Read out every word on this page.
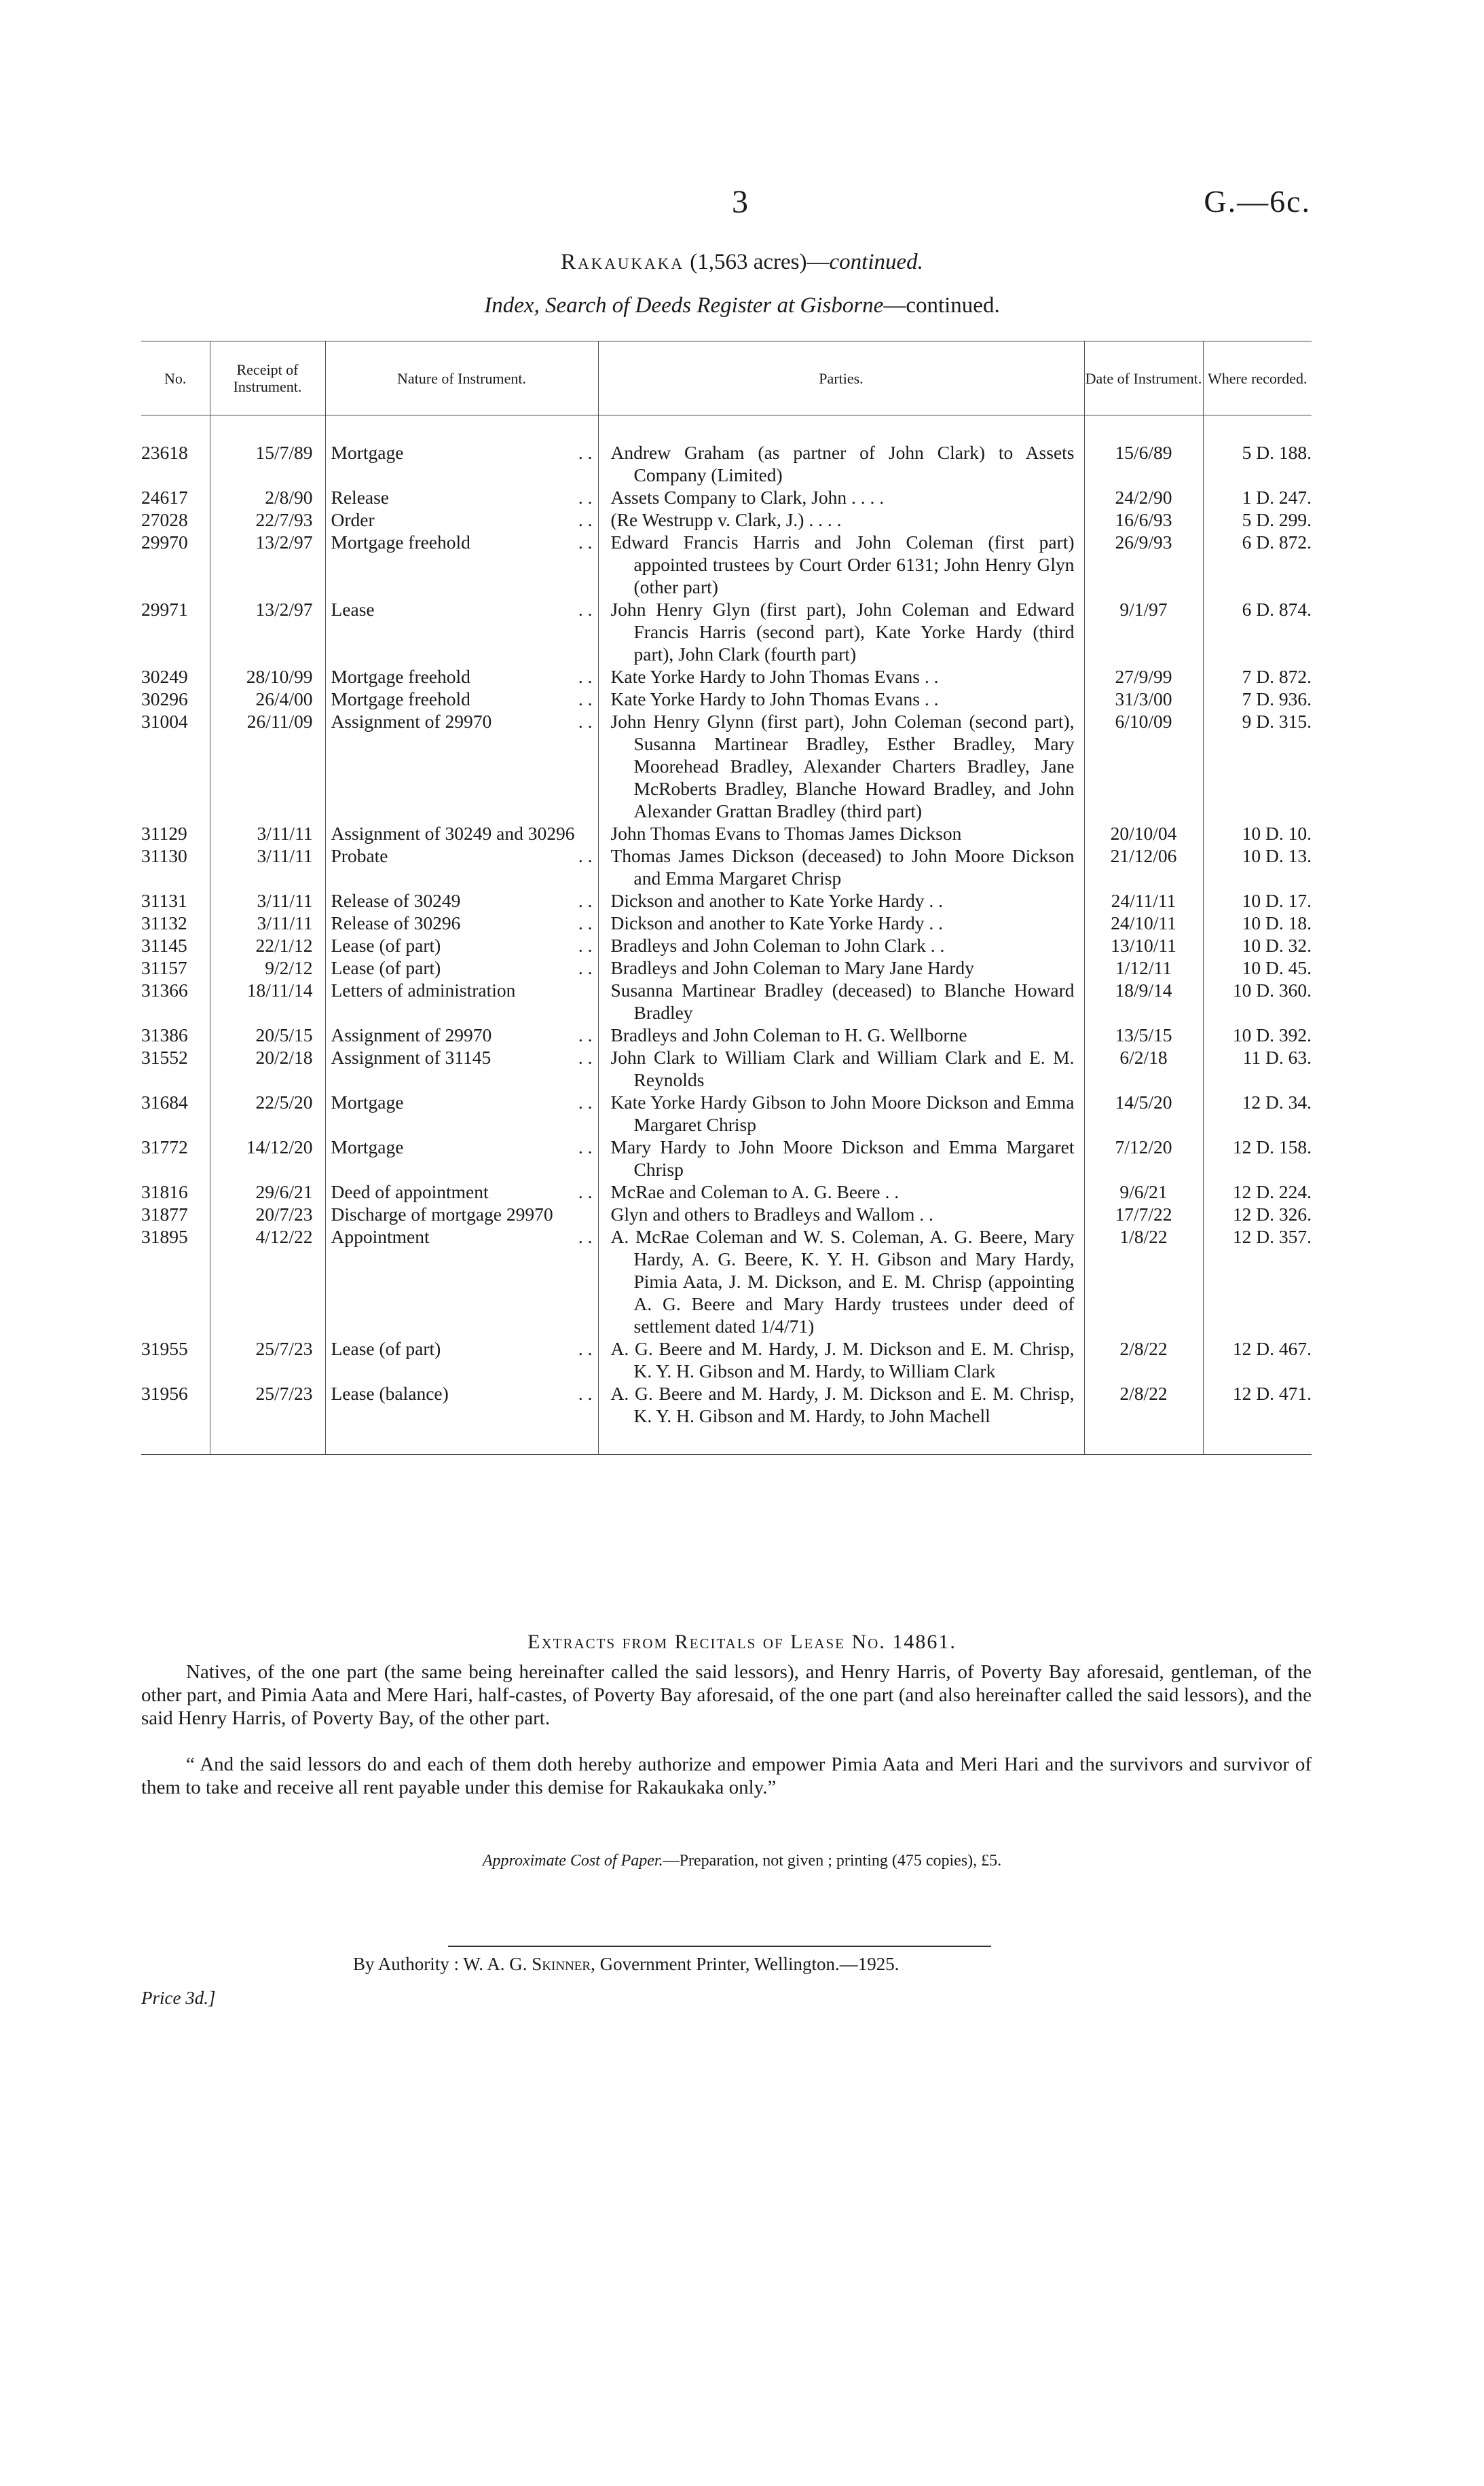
3	G.—6c.
Rakaukaka (1,563 acres)—continued.
Index, Search of Deeds Register at Gisborne—continued.
No.	Receipt of Instrument.	Nature of Instrument.	Parties.	Date of Instrument.	Where recorded.
23618	15/7/89	Mortgage . .	Andrew Graham (as partner of John Clark) to Assets Company (Limited)	15/6/89	5 D. 188.
24617	2/8/90	Release . .	Assets Company to Clark, John . . . .	24/2/90	1 D. 247.
27028	22/7/93	Order . .	(Re Westrupp v. Clark, J.) . . . .	16/6/93	5 D. 299.
29970	13/2/97	Mortgage freehold . .	Edward Francis Harris and John Coleman (first part) appointed trustees by Court Order 6131; John Henry Glyn (other part)	26/9/93	6 D. 872.
29971	13/2/97	Lease . .	John Henry Glyn (first part), John Coleman and Edward Francis Harris (second part), Kate Yorke Hardy (third part), John Clark (fourth part)	9/1/97	6 D. 874.
30249	28/10/99	Mortgage freehold . .	Kate Yorke Hardy to John Thomas Evans . .	27/9/99	7 D. 872.
30296	26/4/00	Mortgage freehold . .	Kate Yorke Hardy to John Thomas Evans . .	31/3/00	7 D. 936.
31004	26/11/09	Assignment of 29970 . .	John Henry Glynn (first part), John Coleman (second part), Susanna Martinear Bradley, Esther Bradley, Mary Moorehead Bradley, Alexander Charters Bradley, Jane McRoberts Bradley, Blanche Howard Bradley, and John Alexander Grattan Bradley (third part)	6/10/09	9 D. 315.
31129	3/11/11	Assignment of 30249 and 30296	John Thomas Evans to Thomas James Dickson	20/10/04	10 D. 10.
31130	3/11/11	Probate . .	Thomas James Dickson (deceased) to John Moore Dickson and Emma Margaret Chrisp	21/12/06	10 D. 13.
31131	3/11/11	Release of 30249 . .	Dickson and another to Kate Yorke Hardy . .	24/11/11	10 D. 17.
31132	3/11/11	Release of 30296 . .	Dickson and another to Kate Yorke Hardy . .	24/10/11	10 D. 18.
31145	22/1/12	Lease (of part) . .	Bradleys and John Coleman to John Clark . .	13/10/11	10 D. 32.
31157	9/2/12	Lease (of part) . .	Bradleys and John Coleman to Mary Jane Hardy	1/12/11	10 D. 45.
31366	18/11/14	Letters of administration	Susanna Martinear Bradley (deceased) to Blanche Howard Bradley	18/9/14	10 D. 360.
31386	20/5/15	Assignment of 29970 . .	Bradleys and John Coleman to H. G. Wellborne	13/5/15	10 D. 392.
31552	20/2/18	Assignment of 31145 . .	John Clark to William Clark and William Clark and E. M. Reynolds	6/2/18	11 D. 63.
31684	22/5/20	Mortgage . .	Kate Yorke Hardy Gibson to John Moore Dickson and Emma Margaret Chrisp	14/5/20	12 D. 34.
31772	14/12/20	Mortgage . .	Mary Hardy to John Moore Dickson and Emma Margaret Chrisp	7/12/20	12 D. 158.
31816	29/6/21	Deed of appointment . .	McRae and Coleman to A. G. Beere . .	9/6/21	12 D. 224.
31877	20/7/23	Discharge of mortgage 29970	Glyn and others to Bradleys and Wallom . .	17/7/22	12 D. 326.
31895	4/12/22	Appointment . .	A. McRae Coleman and W. S. Coleman, A. G. Beere, Mary Hardy, A. G. Beere, K. Y. H. Gibson and Mary Hardy, Pimia Aata, J. M. Dickson, and E. M. Chrisp (appointing A. G. Beere and Mary Hardy trustees under deed of settlement dated 1/4/71)	1/8/22	12 D. 357.
31955	25/7/23	Lease (of part) . .	A. G. Beere and M. Hardy, J. M. Dickson and E. M. Chrisp, K. Y. H. Gibson and M. Hardy, to William Clark	2/8/22	12 D. 467.
31956	25/7/23	Lease (balance) . .	A. G. Beere and M. Hardy, J. M. Dickson and E. M. Chrisp, K. Y. H. Gibson and M. Hardy, to John Machell	2/8/22	12 D. 471.
Extracts from Recitals of Lease No. 14861.
Natives, of the one part (the same being hereinafter called the said lessors), and Henry Harris, of Poverty Bay aforesaid, gentleman, of the other part, and Pimia Aata and Mere Hari, half-castes, of Poverty Bay aforesaid, of the one part (and also hereinafter called the said lessors), and the said Henry Harris, of Poverty Bay, of the other part.
“ And the said lessors do and each of them doth hereby authorize and empower Pimia Aata and Meri Hari and the survivors and survivor of them to take and receive all rent payable under this demise for Rakaukaka only.”
Approximate Cost of Paper.—Preparation, not given ; printing (475 copies), £5.
By Authority : W. A. G. Skinner, Government Printer, Wellington.—1925.
Price 3d.]
